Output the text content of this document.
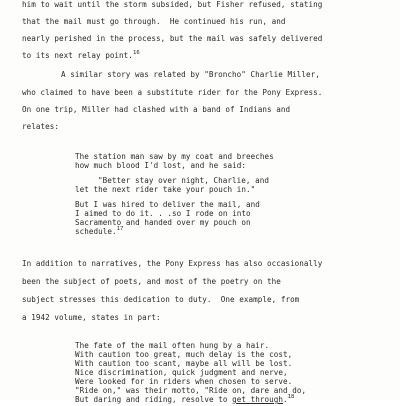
him to wait until the storm subsided, but Fisher refused, stating
that the mail must go through.  He continued his run, and
nearly perished in the process, but the mail was safely delivered
to its next relay point.$^{16}$
A similar story was related by "Broncho" Charlie Miller,
who claimed to have been a substitute rider for the Pony Express.
On one trip, Miller had clashed with a band of Indians and
relates:
The station man saw by my coat and breeches
how much blood I'd lost, and he said:
"Better stay over night, Charlie, and
let the next rider take your pouch in."
But I was hired to deliver the mail, and
I aimed to do it. . .so I rode on into
Sacramento and handed over my pouch on
schedule.$^{17}$
In addition to narratives, the Pony Express has also occasionally
been the subject of poets, and most of the poetry on the
subject stresses this dedication to duty.  One example, from
a 1942 volume, states in part:
The fate of the mail often hung by a hair.
With caution too great, much delay is the cost,
With caution too scant, maybe all will be lost.
Nice discrimination, quick judgment and nerve,
Were looked for in riders when chosen to serve.
"Ride on," was their motto, "Ride on, dare and do,
But daring and riding, resolve to get through.$^{18}$
